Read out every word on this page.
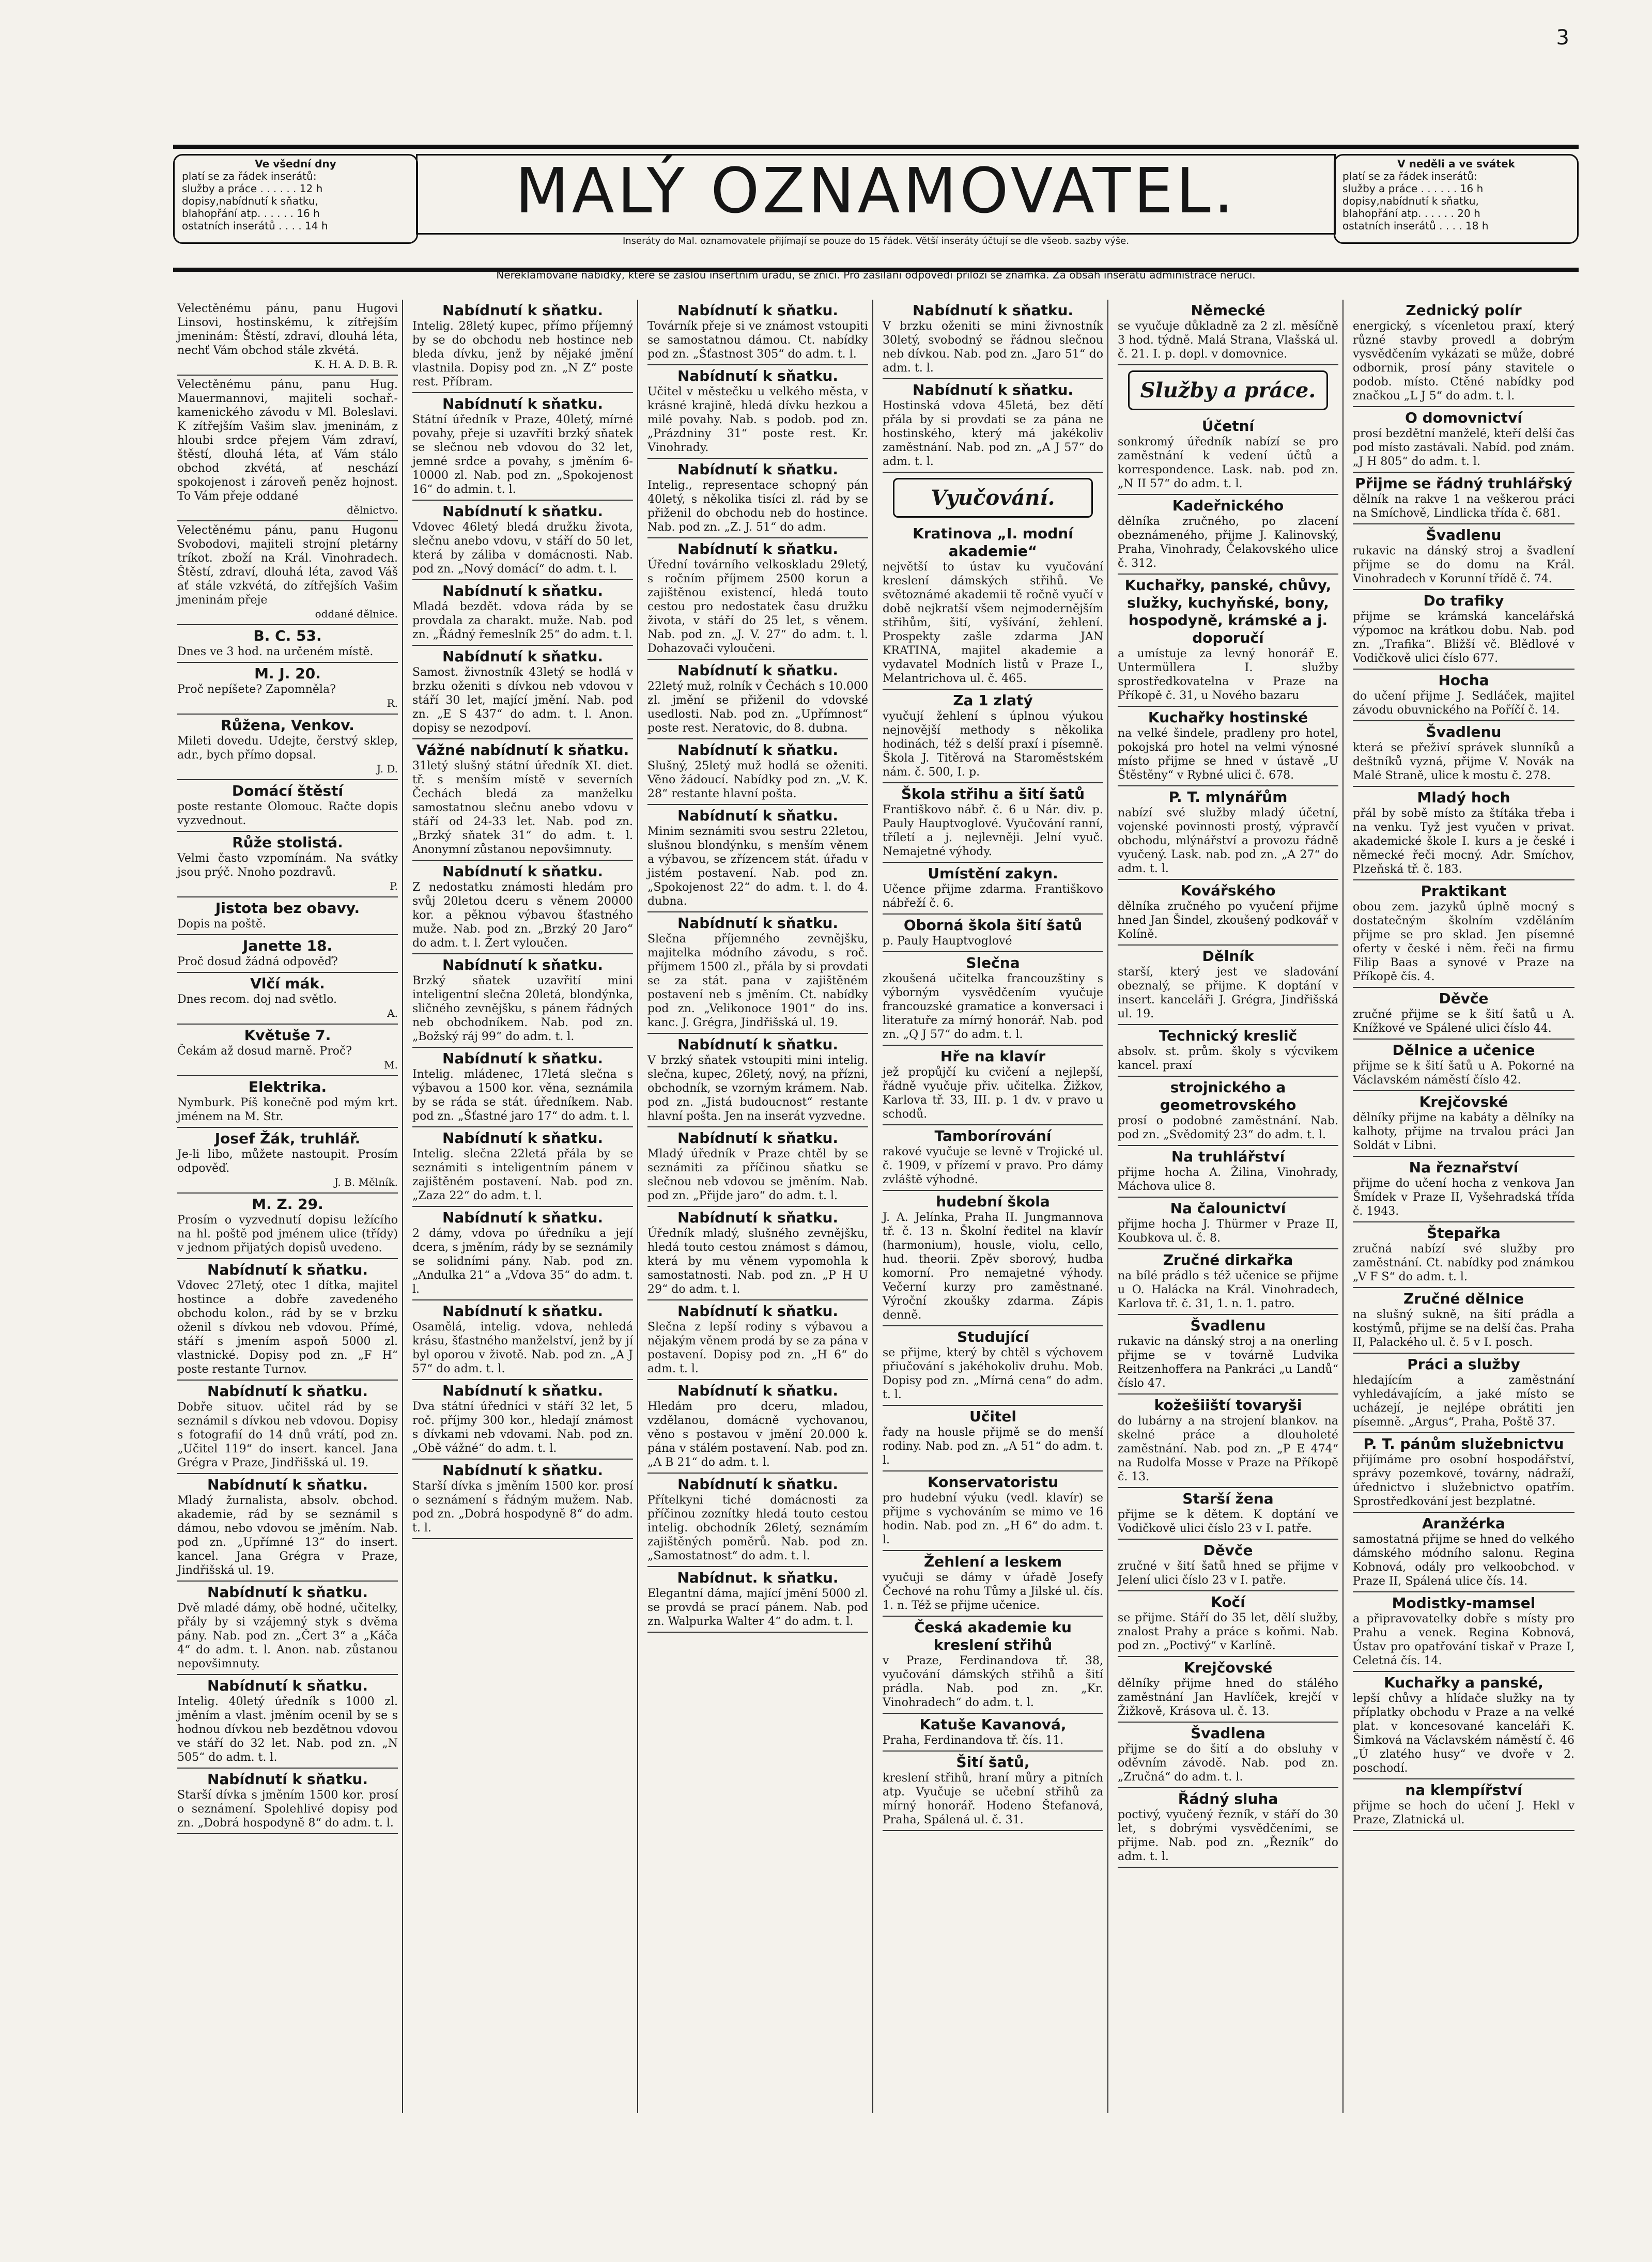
3
Ve všední dny
platí se za řádek inserátů:
služby a práce . . . . . . 12 h
dopisy,nabídnutí k sňatku,
blahopřání atp. . . . . . 16 h
ostatních inserátů . . . . 14 h	MALÝ OZNAMOVATEL.
Inseráty do Mal. oznamovatele přijímají se pouze do 15 řádek. Větší inseráty účtují se dle všeob. sazby výše.
V neděli a ve svátek
platí se za řádek inserátů:
služby a práce . . . . . . 16 h
dopisy,nabídnutí k sňatku,
blahopřání atp. . . . . . 20 h
ostatních inserátů . . . . 18 h
Nereklamované nabídky, které se zašlou insertním úřadu, se zničí. Pro zasílání odpovědí přiloží se známka. Za obsah inserátů administrace neručí.
Velectěnému pánu, panu Hugovi Linsovi, hostinskému, k zítřejším jmeninám: Štěstí, zdraví, dlouhá léta, nechť Vám obchod stále zkvétá.
K. H. A. D. B. R.
Velectěnému pánu, panu Hug. Mauermannovi, majiteli sochař.-kamenického závodu v Ml. Boleslavi. K zítřejším Vašim slav. jmeninám, z hloubi srdce přejem Vám zdraví, štěstí, dlouhá léta, ať Vám stálo obchod zkvétá, ať neschází spokojenost i zároveň peněz hojnost. To Vám přeje oddané
dělnictvo.
Velectěnému pánu, panu Hugonu Svobodovi, majiteli strojní pletárny tríkot. zboží na Král. Vinohradech. Štěstí, zdraví, dlouhá léta, zavod Váš ať stále vzkvétá, do zítřejších Vašim jmeninám přeje
oddané dělnice.
B. C. 53.
Dnes ve 3 hod. na určeném místě.
M. J. 20.
Proč nepíšete? Zapomněla?
R.
Růžena, Venkov.
Mileti dovedu. Udejte, čerstvý sklep, adr., bych přímo dopsal.
J. D.
Domácí štěstí
poste restante Olomouc. Račte dopis vyzvednout.
Růže stolistá.
Velmi často vzpomínám. Na svátky jsou prýč. Nnoho pozdravů.
P.
Jistota bez obavy.
Dopis na poště.
Janette 18.
Proč dosud žádná odpověď?
Vlčí mák.
Dnes recom. doj nad světlo.
A.
Květuše 7.
Čekám až dosud marně. Proč?
M.
Elektrika.
Nymburk. Píš konečně pod mým krt. jménem na M. Str.
Josef Žák, truhlář.
Je-li libo, můžete nastoupit. Prosím odpověď.
J. B. Mělník.
M. Z. 29.
Prosím o vyzvednutí dopisu ležícího na hl. poště pod jménem ulice (třídy) v jednom přijatých dopisů uvedeno.
Nabídnutí k sňatku.
Vdovec 27letý, otec 1 dítka, majitel hostince a dobře zavedeného obchodu kolon., rád by se v brzku oženil s dívkou neb vdovou. Přímé, stáří s jmením aspoň 5000 zl. vlastnické. Dopisy pod zn. „F H“ poste restante Turnov.
Nabídnutí k sňatku.
Dobře situov. učitel rád by se seznámil s dívkou neb vdovou. Dopisy s fotografií do 14 dnů vrátí, pod zn. „Učitel 119“ do insert. kancel. Jana Grégra v Praze, Jindřišská ul. 19.
Nabídnutí k sňatku.
Mladý žurnalista, absolv. obchod. akademie, rád by se seznámil s dámou, nebo vdovou se jměním. Nab. pod zn. „Upřímné 13“ do insert. kancel. Jana Grégra v Praze, Jindřišská ul. 19.
Nabídnutí k sňatku.
Dvě mladé dámy, obě hodné, učitelky, přály by si vzájemný styk s dvěma pány. Nab. pod zn. „Čert 3“ a „Káča 4“ do adm. t. l. Anon. nab. zůstanou nepovšimnuty.
Nabídnutí k sňatku.
Intelig. 40letý úředník s 1000 zl. jměním a vlast. jměním ocenil by se s hodnou dívkou neb bezdětnou vdovou ve stáří do 32 let. Nab. pod zn. „N 505“ do adm. t. l.
Nabídnutí k sňatku.
Starší dívka s jměním 1500 kor. prosí o seznámení. Spolehlivé dopisy pod zn. „Dobrá hospodyně 8“ do adm. t. l.
Nabídnutí k sňatku.
Intelig. 28letý kupec, přímo příjemný by se do obchodu neb hostince neb bleda dívku, jenž by nějaké jmění vlastnila. Dopisy pod zn. „N Z“ poste rest. Příbram.
Nabídnutí k sňatku.
Státní úředník v Praze, 40letý, mírné povahy, přeje si uzavříti brzký sňatek se slečnou neb vdovou do 32 let, jemné srdce a povahy, s jměním 6-10000 zl. Nab. pod zn. „Spokojenost 16“ do admin. t. l.
Nabídnutí k sňatku.
Vdovec 46letý bledá družku života, slečnu anebo vdovu, v stáří do 50 let, která by záliba v domácnosti. Nab. pod zn. „Nový domácí“ do adm. t. l.
Nabídnutí k sňatku.
Mladá bezdět. vdova ráda by se provdala za charakt. muže. Nab. pod zn. „Řádný řemeslník 25“ do adm. t. l.
Nabídnutí k sňatku.
Samost. živnostník 43letý se hodlá v brzku oženiti s dívkou neb vdovou v stáří 30 let, mající jmění. Nab. pod zn. „E S 437“ do adm. t. l. Anon. dopisy se nezodpoví.
Vážné nabídnutí k sňatku.
31letý slušný státní úředník XI. diet. tř. s menším místě v severních Čechách bledá za manželku samostatnou slečnu anebo vdovu v stáří od 24-33 let. Nab. pod zn. „Brzký sňatek 31“ do adm. t. l. Anonymní zůstanou nepovšimnuty.
Nabídnutí k sňatku.
Z nedostatku známosti hledám pro svůj 20letou dceru s věnem 20000 kor. a pěknou výbavou šťastného muže. Nab. pod zn. „Brzký 20 Jaro“ do adm. t. l. Žert vyloučen.
Nabídnutí k sňatku.
Brzký sňatek uzavřití mini inteligentní slečna 20letá, blondýnka, sličného zevnějšku, s pánem řádných neb obchodníkem. Nab. pod zn. „Božský ráj 99“ do adm. t. l.
Nabídnutí k sňatku.
Intelig. mládenec, 17letá slečna s výbavou a 1500 kor. věna, seznámila by se ráda se stát. úředníkem. Nab. pod zn. „Šťastné jaro 17“ do adm. t. l.
Nabídnutí k sňatku.
Intelig. slečna 22letá přála by se seznámiti s inteligentním pánem v zajištěném postavení. Nab. pod zn. „Zaza 22“ do adm. t. l.
Nabídnutí k sňatku.
2 dámy, vdova po úředníku a její dcera, s jměním, rády by se seznámily se solidními pány. Nab. pod zn. „Andulka 21“ a „Vdova 35“ do adm. t. l.
Nabídnutí k sňatku.
Osamělá, intelig. vdova, nehledá krásu, šťastného manželství, jenž by jí byl oporou v životě. Nab. pod zn. „A J 57“ do adm. t. l.
Nabídnutí k sňatku.
Dva státní úředníci v stáří 32 let, 5 roč. příjmy 300 kor., hledají známost s dívkami neb vdovami. Nab. pod zn. „Obě vážné“ do adm. t. l.
Nabídnutí k sňatku.
Starší dívka s jměním 1500 kor. prosí o seznámení s řádným mužem. Nab. pod zn. „Dobrá hospodyně 8“ do adm. t. l.
Nabídnutí k sňatku.
Továrník přeje si ve známost vstoupiti se samostatnou dámou. Ct. nabídky pod zn. „Šťastnost 305“ do adm. t. l.
Nabídnutí k sňatku.
Učitel v městečku u velkého města, v krásné krajině, hledá dívku hezkou a milé povahy. Nab. s podob. pod zn. „Prázdniny 31“ poste rest. Kr. Vinohrady.
Nabídnutí k sňatku.
Intelig., representace schopný pán 40letý, s několika tisíci zl. rád by se přiženil do obchodu neb do hostince. Nab. pod zn. „Z. J. 51“ do adm.
Nabídnutí k sňatku.
Úřední továrního velkoskladu 29letý, s ročním příjmem 2500 korun a zajištěnou existencí, hledá touto cestou pro nedostatek času družku života, v stáří do 25 let, s věnem. Nab. pod zn. „J. V. 27“ do adm. t. l. Dohazovači vyloučeni.
Nabídnutí k sňatku.
22letý muž, rolník v Čechách s 10.000 zl. jmění se přiženil do vdovské usedlosti. Nab. pod zn. „Upřímnost“ poste rest. Neratovic, do 8. dubna.
Nabídnutí k sňatku.
Slušný, 25letý muž hodlá se oženiti. Věno žádoucí. Nabídky pod zn. „V. K. 28“ restante hlavní pošta.
Nabídnutí k sňatku.
Minim seznámiti svou sestru 22letou, slušnou blondýnku, s menším věnem a výbavou, se zřízencem stát. úřadu v jistém postavení. Nab. pod zn. „Spokojenost 22“ do adm. t. l. do 4. dubna.
Nabídnutí k sňatku.
Slečna příjemného zevnějšku, majitelka módního závodu, s roč. příjmem 1500 zl., přála by si provdati se za stát. pana v zajištěném postavení neb s jměním. Ct. nabídky pod zn. „Velikonoce 1901“ do ins. kanc. J. Grégra, Jindřišská ul. 19.
Nabídnutí k sňatku.
V brzký sňatek vstoupiti mini intelig. slečna, kupec, 26letý, nový, na přízni, obchodník, se vzorným krámem. Nab. pod zn. „Jistá budoucnost“ restante hlavní pošta. Jen na inserát vyzvedne.
Nabídnutí k sňatku.
Mladý úředník v Praze chtěl by se seznámiti za příčinou sňatku se slečnou neb vdovou se jměním. Nab. pod zn. „Přijde jaro“ do adm. t. l.
Nabídnutí k sňatku.
Úředník mladý, slušného zevnějšku, hledá touto cestou známost s dámou, která by mu věnem vypomohla k samostatnosti. Nab. pod zn. „P H U 29“ do adm. t. l.
Nabídnutí k sňatku.
Slečna z lepší rodiny s výbavou a nějakým věnem prodá by se za pána v postavení. Dopisy pod zn. „H 6“ do adm. t. l.
Nabídnutí k sňatku.
Hledám pro dceru, mladou, vzdělanou, domácně vychovanou, věno s postavou v jmění 20.000 k. pána v stálém postavení. Nab. pod zn. „A B 21“ do adm. t. l.
Nabídnutí k sňatku.
Přítelkyni tiché domácnosti za příčinou zoznítky hledá touto cestou intelig. obchodník 26letý, seznámím zajištěných poměrů. Nab. pod zn. „Samostatnost“ do adm. t. l.
Nabídnut. k sňatku.
Elegantní dáma, mající jmění 5000 zl. se provdá se prací pánem. Nab. pod zn. Walpurka Walter 4“ do adm. t. l.
Nabídnutí k sňatku.
V brzku oženiti se mini živnostník 30letý, svobodný se řádnou slečnou neb dívkou. Nab. pod zn. „Jaro 51“ do adm. t. l.
Nabídnutí k sňatku.
Hostinská vdova 45letá, bez dětí přála by si provdati se za pána ne hostinského, který má jakékoliv zaměstnání. Nab. pod zn. „A J 57“ do adm. t. l.
Vyučování.
Kratinova „I. modní akademie“
největší to ústav ku vyučování kreslení dámských střihů. Ve světoznámé akademii tě ročně vyučí v době nejkratší všem nejmodernějším střihům, šití, vyšívání, žehlení. Prospekty zašle zdarma JAN KRATINA, majitel akademie a vydavatel Modních listů v Praze I., Melantrichova ul. č. 465.
Za 1 zlatý
vyučují žehlení s úplnou výukou nejnovější methody s několika hodinách, též s delší praxí i písemně. Škola J. Titěrová na Staroměstském nám. č. 500, I. p.
Škola střihu a šití šatů
Františkovo nábř. č. 6 u Nár. div. p. Pauly Hauptvoglové. Vyučování ranní, tříletí a j. nejlevněji. Jelní vyuč. Nemajetné výhody.
Umístění zakyn.
Učence přijme zdarma. Františkovo nábřeží č. 6.
Oborná škola šití šatů
p. Pauly Hauptvoglové
Slečna
zkoušená učitelka francouzštiny s výborným vysvědčením vyučuje francouzské gramatice a konversaci i literatuře za mírný honorář. Nab. pod zn. „Q J 57“ do adm. t. l.
Hře na klavír
jež propůjčí ku cvičení a nejlepší, řádně vyučuje přiv. učitelka. Žižkov, Karlova tř. 33, III. p. 1 dv. v pravo u schodů.
Tamborírování
rakové vyučuje se levně v Trojické ul. č. 1909, v přízemí v pravo. Pro dámy zvláště výhodné.
hudební škola
J. A. Jelínka, Praha II. Jungmannova tř. č. 13 n. Školní ředitel na klavír (harmonium), housle, violu, cello, hud. theorii. Zpěv sborový, hudba komorní. Pro nemajetné výhody. Večerní kurzy pro zaměstnané. Výroční zkoušky zdarma. Zápis denně.
Studující
se přijme, který by chtěl s výchovem přiučování s jakéhokoliv druhu. Mob. Dopisy pod zn. „Mírná cena“ do adm. t. l.
Učitel
řady na housle přijmě se do menší rodiny. Nab. pod zn. „A 51“ do adm. t. l.
Konservatoristu
pro hudební výuku (vedl. klavír) se přijme s vychováním se mimo ve 16 hodin. Nab. pod zn. „H 6“ do adm. t. l.
Žehlení a leskem
vyučuji se dámy v úřadě Josefy Čechové na rohu Tůmy a Jilské ul. čís. 1. n. Též se přijme učenice.
Česká akademie ku kreslení střihů
v Praze, Ferdinandova tř. 38, vyučování dámských střihů a šití prádla. Nab. pod zn. „Kr. Vinohradech“ do adm. t. l.
Katuše Kavanová,
Praha, Ferdinandova tř. čís. 11.
Šití šatů,
kreslení střihů, hraní můry a pitních atp. Vyučuje se učební střihů za mírný honorář. Hodeno Štefanová, Praha, Spálená ul. č. 31.
Německé
se vyučuje důkladně za 2 zl. měsíčně 3 hod. týdně. Malá Strana, Vlašská ul. č. 21. I. p. dopl. v domovnice.
Služby a práce.
Účetní
sonkromý úředník nabízí se pro zaměstnání k vedení účtů a korrespondence. Lask. nab. pod zn. „N II 57“ do adm. t. l.
Kadeřnického
dělníka zručného, po zlacení obeznámeného, přijme J. Kalinovský, Praha, Vinohrady, Čelakovského ulice č. 312.
Kuchařky, panské, chůvy, služky, kuchyňské, bony, hospodyně, krámské a j. doporučí
a umístuje za levný honorář E. Untermüllera I. služby sprostředkovatelna v Praze na Příkopě č. 31, u Nového bazaru
Kuchařky hostinské
na velké šindele, pradleny pro hotel, pokojská pro hotel na velmi výnosné místo přijme se hned v ústavě „U Štěstěny“ v Rybné ulici č. 678.
P. T. mlynářům
nabízí své služby mladý účetní, vojenské povinnosti prostý, výpravčí obchodu, mlýnářství a provozu řádně vyučený. Lask. nab. pod zn. „A 27“ do adm. t. l.
Kovářského
dělníka zručného po vyučení přijme hned Jan Šindel, zkoušený podkovář v Kolíně.
Dělník
starší, který jest ve sladování obeznalý, se přijme. K doptání v insert. kanceláři J. Grégra, Jindřišská ul. 19.
Technický kreslič
absolv. st. prům. školy s výcvikem kancel. praxí
strojnického a geometrovského
prosí o podobné zaměstnání. Nab. pod zn. „Svědomitý 23“ do adm. t. l.
Na truhlářství
přijme hocha A. Žilina, Vinohrady, Máchova ulice 8.
Na čalounictví
přijme hocha J. Thürmer v Praze II, Koubkova ul. č. 8.
Zručné dirkařka
na bílé prádlo s též učenice se přijme u O. Halácka na Král. Vinohradech, Karlova tř. č. 31, 1. n. 1. patro.
Švadlenu
rukavic na dánský stroj a na onerling přijme se v továrně Ludvika Reitzenhoffera na Pankráci „u Landů“ číslo 47.
kožešiiští tovaryši
do lubárny a na strojení blankov. na skelné práce a dlouholeté zaměstnání. Nab. pod zn. „P E 474“ na Rudolfa Mosse v Praze na Příkopě č. 13.
Starší žena
přijme se k dětem. K doptání ve Vodičkově ulici číslo 23 v I. patře.
Děvče
zručné v šití šatů hned se přijme v Jelení ulici číslo 23 v I. patře.
Kočí
se přijme. Stáří do 35 let, dělí služby, znalost Prahy a práce s koňmi. Nab. pod zn. „Poctivý“ v Karlíně.
Krejčovské
dělníky přijme hned do stálého zaměstnání Jan Havlíček, krejčí v Žižkově, Krásova ul. č. 13.
Švadlena
přijme se do šití a do obsluhy v oděvním závodě. Nab. pod zn. „Zručná“ do adm. t. l.
Řádný sluha
poctivý, vyučený řezník, v stáří do 30 let, s dobrými vysvědčeními, se přijme. Nab. pod zn. „Řezník“ do adm. t. l.
Zednický polír
energický, s vícenletou praxí, který různé stavby provedl a dobrým vysvědčením vykázati se může, dobré odbornik, prosí pány stavitele o podob. místo. Ctěné nabídky pod značkou „L J 5“ do adm. t. l.
O domovnictví
prosí bezdětní manželé, kteří delší čas pod místo zastávali. Nabíd. pod znám. „J H 805“ do adm. t. l.
Přijme se řádný truhlářský
dělník na rakve 1 na veškerou práci na Smíchově, Lindlicka třída č. 681.
Švadlenu
rukavic na dánský stroj a švadlení přijme se do domu na Král. Vinohradech v Korunní třídě č. 74.
Do trafiky
přijme se krámská kancelářská výpomoc na krátkou dobu. Nab. pod zn. „Trafika“. Bližší vč. Blědlové v Vodičkově ulici číslo 677.
Hocha
do učení přijme J. Sedláček, majitel závodu obuvnického na Poříčí č. 14.
Švadlenu
která se přeživí správek slunníků a deštníků vyzná, přijme V. Novák na Malé Straně, ulice k mostu č. 278.
Mladý hoch
přál by sobě místo za štítáka třeba i na venku. Tyž jest vyučen v privat. akademické škole I. kurs a je české i německé řeči mocný. Adr. Smíchov, Plzeňská tř. č. 183.
Praktikant
obou zem. jazyků úplně mocný s dostatečným školním vzděláním přijme se pro sklad. Jen písemné oferty v české i něm. řeči na firmu Filip Baas a synové v Praze na Příkopě čís. 4.
Děvče
zručné přijme se k šití šatů u A. Knížkové ve Spálené ulici číslo 44.
Dělnice a učenice
přijme se k šití šatů u A. Pokorné na Václavském náměstí číslo 42.
Krejčovské
dělníky přijme na kabáty a dělníky na kalhoty, přijme na trvalou práci Jan Soldát v Libni.
Na řeznařství
přijme do učení hocha z venkova Jan Šmídek v Praze II, Vyšehradská třída č. 1943.
Štepařka
zručná nabízí své služby pro zaměstnání. Ct. nabídky pod známkou „V F S“ do adm. t. l.
Zručné dělnice
na slušný sukně, na šití prádla a kostýmů, přijme se na delší čas. Praha II, Palackého ul. č. 5 v I. posch.
Práci a služby
hledajícím a zaměstnání vyhledávajícím, a jaké místo se ucházejí, je nejlépe obrátiti jen písemně. „Argus“, Praha, Poště 37.
P. T. pánům služebnictvu
přijímáme pro osobní hospodářství, správy pozemkové, továrny, nádraží, úřednictvo i služebnictvo opatřím. Sprostředkování jest bezplatné.
Aranžérka
samostatná přijme se hned do velkého dámského módního salonu. Regina Kobnová, odály pro velkoobchod. v Praze II, Spálená ulice čís. 14.
Modistky-mamsel
a připravovatelky dobře s místy pro Prahu a venek. Regina Kobnová, Ústav pro opatřování tiskař v Praze I, Celetná čís. 14.
Kuchařky a panské,
lepší chůvy a hlídače služky na ty příplatky obchodu v Praze a na velké plat. v koncesované kanceláři K. Šimková na Václavském náměstí č. 46 „Ú zlatého husy“ ve dvoře v 2. poschodí.
na klempířství
přijme se hoch do učení J. Hekl v Praze, Zlatnická ul.
